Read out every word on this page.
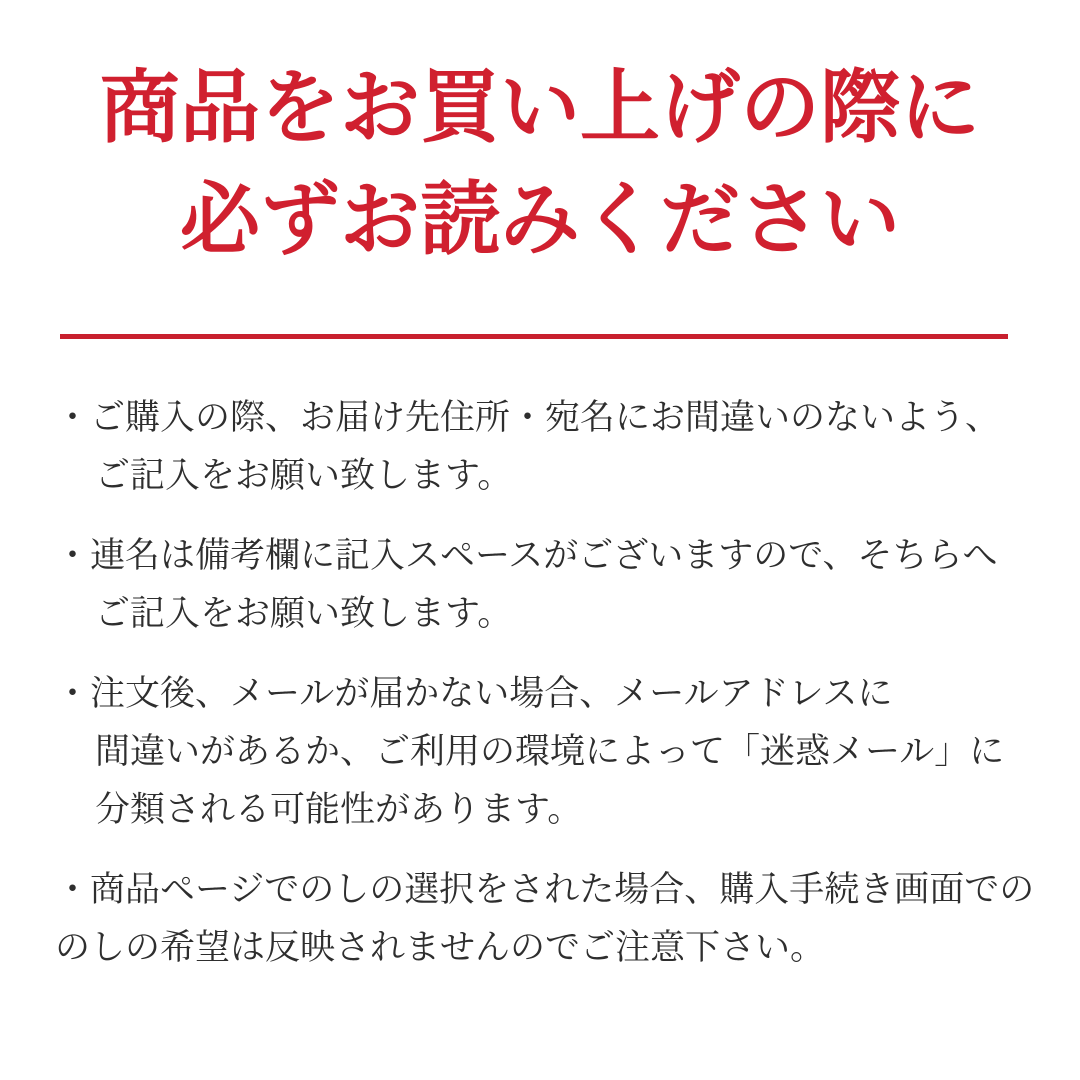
商品をお買い上げの際に
必ずお読みください

・ご購入の際、お届け先住所・宛名にお間違いのないよう、

ご記入をお願い致します。

・連名は備考欄に記入スペースがございますので、そちらへ

ご記入をお願い致します。

・注文後、メールが届かない場合、メールアドレスに

間違いがあるか、ご利用の環境によって「迷惑メール」に

分類される可能性があります。

・商品ページでのしの選択をされた場合、購入手続き画面での

のしの希望は反映されませんのでご注意下さい。
